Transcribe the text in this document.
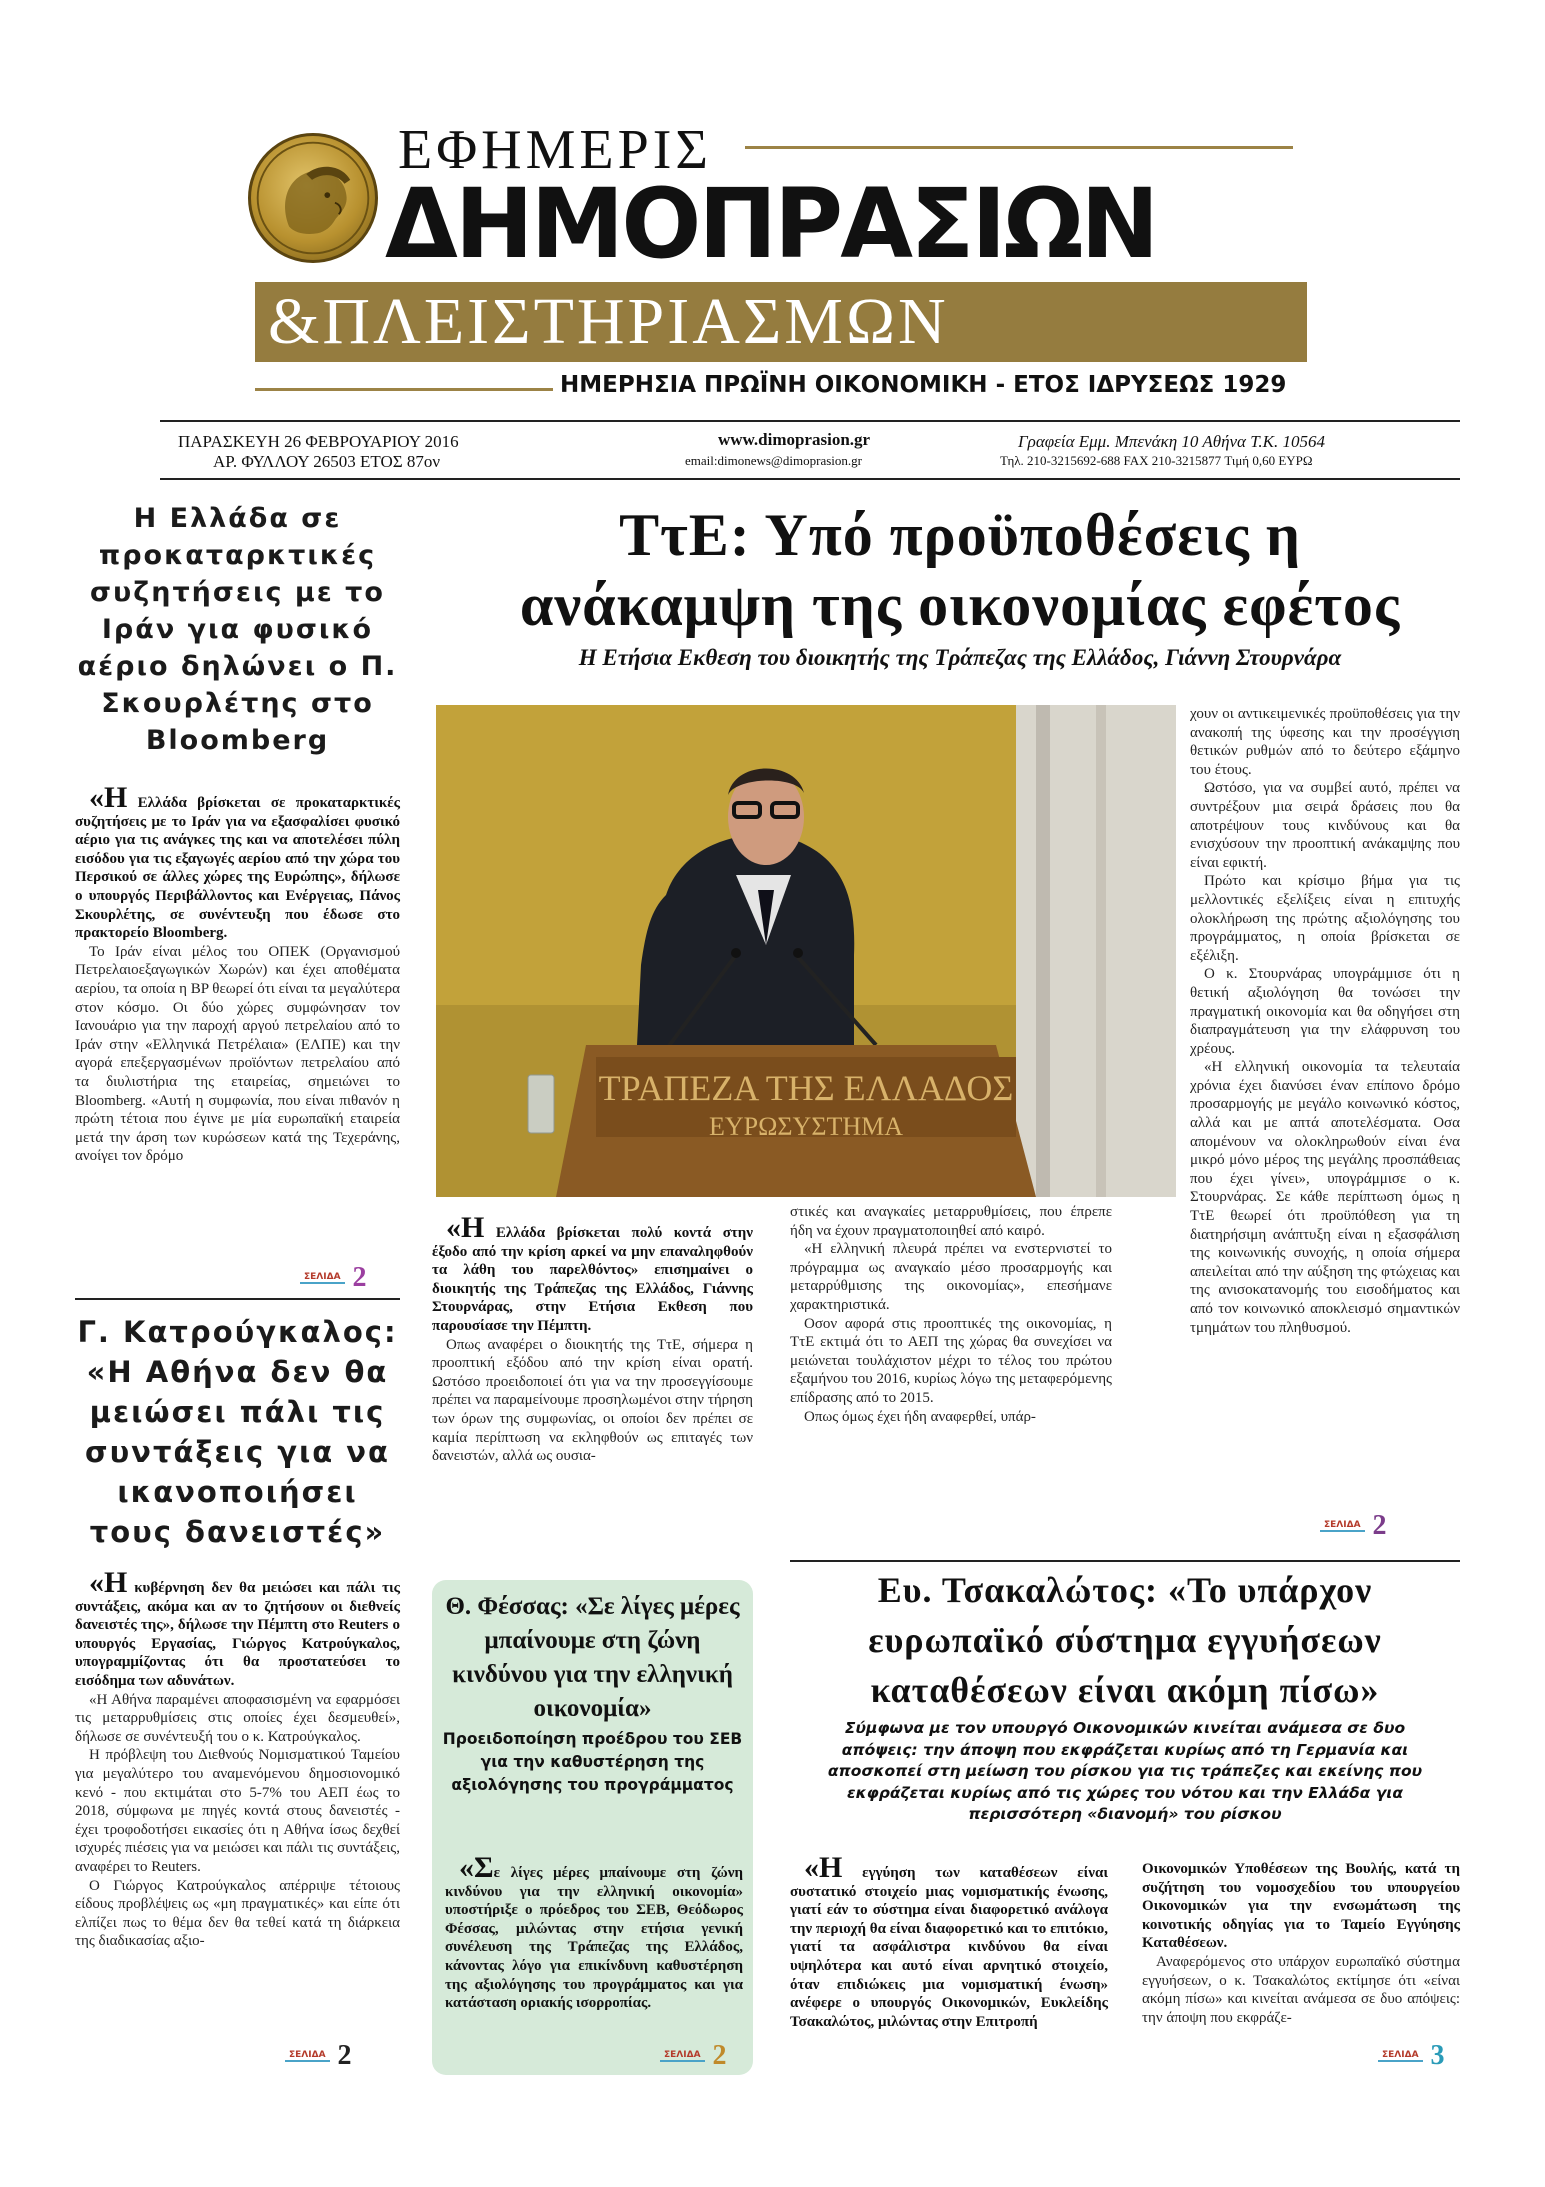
ΕΦΗΜΕΡΙΣ
ΔΗΜΟΠΡΑΣΙΩΝ
&ΠΛΕΙΣΤΗΡΙΑΣΜΩΝ
ΗΜΕΡΗΣΙΑ ΠΡΩΪΝΗ ΟΙΚΟΝΟΜΙΚΗ - ΕΤΟΣ ΙΔΡΥΣΕΩΣ 1929
ΠΑΡΑΣΚΕΥΗ 26 ΦΕΒΡΟΥΑΡΙΟΥ 2016
ΑΡ. ΦΥΛΛΟΥ 26503 ΕΤΟΣ 87ον
www.dimoprasion.gr
email:dimonews@dimoprasion.gr
Γραφεία Εμμ. Μπενάκη 10 Αθήνα Τ.Κ. 10564
Τηλ. 210-3215692-688 FAX 210-3215877 Τιμή 0,60 ΕΥΡΩ
ΤτΕ: Υπό προϋποθέσεις η
ανάκαμψη της οικονομίας εφέτος
Η Ετήσια Εκθεση του διοικητής της Τράπεζας της Ελλάδος, Γιάννη Στουρνάρα
ΤΡΑΠΕΖΑ ΤΗΣ ΕΛΛΑΔΟΣ
ΕΥΡΩΣΥΣΤΗΜΑ

«Η Ελλάδα βρίσκεται πολύ κοντά στην έξοδο από την κρίση αρκεί να μην επαναληφθούν τα λάθη του παρελθόντος» επισημαίνει ο διοικητής της Τράπεζας της Ελλάδος, Γιάννης Στουρνάρας, στην Ετήσια Εκθεση που παρουσίασε την Πέμπτη.

Οπως αναφέρει ο διοικητής της ΤτΕ, σήμερα η προοπτική εξόδου από την κρίση είναι ορατή. Ωστόσο προειδοποιεί ότι για να την προσεγγίσουμε πρέπει να παραμείνουμε προσηλωμένοι στην τήρηση των όρων της συμφωνίας, οι οποίοι δεν πρέπει σε καμία περίπτωση να εκληφθούν ως επιταγές των δανειστών, αλλά ως ουσια-

στικές και αναγκαίες μεταρρυθμίσεις, που έπρεπε ήδη να έχουν πραγματοποιηθεί από καιρό.

«Η ελληνική πλευρά πρέπει να ενστερνιστεί το πρόγραμμα ως αναγκαίο μέσο προσαρμογής και μεταρρύθμισης της οικονομίας», επεσήμανε χαρακτηριστικά.

Οσον αφορά στις προοπτικές της οικονομίας, η ΤτΕ εκτιμά ότι το ΑΕΠ της χώρας θα συνεχίσει να μειώνεται τουλάχιστον μέχρι το τέλος του πρώτου εξαμήνου του 2016, κυρίως λόγω της μεταφερόμενης επίδρασης από το 2015.

Οπως όμως έχει ήδη αναφερθεί, υπάρ-

χουν οι αντικειμενικές προϋποθέσεις για την ανακοπή της ύφεσης και την προσέγγιση θετικών ρυθμών από το δεύτερο εξάμηνο του έτους.

Ωστόσο, για να συμβεί αυτό, πρέπει να συντρέξουν μια σειρά δράσεις που θα αποτρέψουν τους κινδύνους και θα ενισχύσουν την προοπτική ανάκαμψης που είναι εφικτή.

Πρώτο και κρίσιμο βήμα για τις μελλοντικές εξελίξεις είναι η επιτυχής ολοκλήρωση της πρώτης αξιολόγησης του προγράμματος, η οποία βρίσκεται σε εξέλιξη.

Ο κ. Στουρνάρας υπογράμμισε ότι η θετική αξιολόγηση θα τονώσει την πραγματική οικονομία και θα οδηγήσει στη διαπραγμάτευση για την ελάφρυνση του χρέους.

«Η ελληνική οικονομία τα τελευταία χρόνια έχει διανύσει έναν επίπονο δρόμο προσαρμογής με μεγάλο κοινωνικό κόστος, αλλά και με απτά αποτελέσματα. Οσα απομένουν να ολοκληρωθούν είναι ένα μικρό μόνο μέρος της μεγάλης προσπάθειας που έχει γίνει», υπογράμμισε ο κ. Στουρνάρας. Σε κάθε περίπτωση όμως η ΤτΕ θεωρεί ότι προϋπόθεση για τη διατηρήσιμη ανάπτυξη είναι η εξασφάλιση της κοινωνικής συνοχής, η οποία σήμερα απειλείται από την αύξηση της φτώχειας και της ανισοκατανομής του εισοδήματος και από τον κοινωνικό αποκλεισμό σημαντικών τμημάτων του πληθυσμού.

ΣΕΛΙΔΑ 2
Η Ελλάδα σε προκαταρκτικές συζητήσεις με το Ιράν για φυσικό αέριο δηλώνει ο Π. Σκουρλέτης στο Bloomberg

«Η Ελλάδα βρίσκεται σε προκαταρκτικές συζητήσεις με το Ιράν για να εξασφαλίσει φυσικό αέριο για τις ανάγκες της και να αποτελέσει πύλη εισόδου για τις εξαγωγές αερίου από την χώρα του Περσικού σε άλλες χώρες της Ευρώπης», δήλωσε ο υπουργός Περιβάλλοντος και Ενέργειας, Πάνος Σκουρλέτης, σε συνέντευξη που έδωσε στο πρακτορείο Bloomberg.

Το Ιράν είναι μέλος του ΟΠΕΚ (Οργανισμού Πετρελαιοεξαγωγικών Χωρών) και έχει αποθέματα αερίου, τα οποία η BP θεωρεί ότι είναι τα μεγαλύτερα στον κόσμο. Οι δύο χώρες συμφώνησαν τον Ιανουάριο για την παροχή αργού πετρελαίου από το Ιράν στην «Ελληνικά Πετρέλαια» (ΕΛΠΕ) και την αγορά επεξεργασμένων προϊόντων πετρελαίου από τα διυλιστήρια της εταιρείας, σημειώνει το Bloomberg. «Αυτή η συμφωνία, που είναι πιθανόν η πρώτη τέτοια που έγινε με μία ευρωπαϊκή εταιρεία μετά την άρση των κυρώσεων κατά της Τεχεράνης, ανοίγει τον δρόμο

ΣΕΛΙΔΑ 2
Γ. Κατρούγκαλος: «Η Αθήνα δεν θα μειώσει πάλι τις συντάξεις για να ικανοποιήσει τους δανειστές»

«Η κυβέρνηση δεν θα μειώσει και πάλι τις συντάξεις, ακόμα και αν το ζητήσουν οι διεθνείς δανειστές της», δήλωσε την Πέμπτη στο Reuters ο υπουργός Εργασίας, Γιώργος Κατρούγκαλος, υπογραμμίζοντας ότι θα προστατεύσει το εισόδημα των αδυνάτων.

«Η Αθήνα παραμένει αποφασισμένη να εφαρμόσει τις μεταρρυθμίσεις στις οποίες έχει δεσμευθεί», δήλωσε σε συνέντευξή του ο κ. Κατρούγκαλος.

Η πρόβλεψη του Διεθνούς Νομισματικού Ταμείου για μεγαλύτερο του αναμενόμενου δημοσιονομικό κενό - που εκτιμάται στο 5-7% του ΑΕΠ έως το 2018, σύμφωνα με πηγές κοντά στους δανειστές - έχει τροφοδοτήσει εικασίες ότι η Αθήνα ίσως δεχθεί ισχυρές πιέσεις για να μειώσει και πάλι τις συντάξεις, αναφέρει το Reuters.

Ο Γιώργος Κατρούγκαλος απέρριψε τέτοιους είδους προβλέψεις ως «μη πραγματικές» και είπε ότι ελπίζει πως το θέμα δεν θα τεθεί κατά τη διάρκεια της διαδικασίας αξιο-

ΣΕΛΙΔΑ 2
Θ. Φέσσας: «Σε λίγες μέρες μπαίνουμε στη ζώνη κινδύνου για την ελληνική οικονομία»
Προειδοποίηση προέδρου του ΣΕΒ για την καθυστέρηση της αξιολόγησης του προγράμματος

«Σε λίγες μέρες μπαίνουμε στη ζώνη κινδύνου για την ελληνική οικονομία» υποστήριξε ο πρόεδρος του ΣΕΒ, Θεόδωρος Φέσσας, μιλώντας στην ετήσια γενική συνέλευση της Τράπεζας της Ελλάδος, κάνοντας λόγο για επικίνδυνη καθυστέρηση της αξιολόγησης του προγράμματος και για κατάσταση οριακής ισορροπίας.

ΣΕΛΙΔΑ 2
Ευ. Τσακαλώτος: «Το υπάρχον
ευρωπαϊκό σύστημα εγγυήσεων
καταθέσεων είναι ακόμη πίσω»
Σύμφωνα με τον υπουργό Οικονομικών κινείται ανάμεσα σε δυο απόψεις: την άποψη που εκφράζεται κυρίως από τη Γερμανία και αποσκοπεί στη μείωση του ρίσκου για τις τράπεζες και εκείνης που εκφράζεται κυρίως από τις χώρες του νότου και την Ελλάδα για περισσότερη «διανομή» του ρίσκου

«Η εγγύηση των καταθέσεων είναι συστατικό στοιχείο μιας νομισματικής ένωσης, γιατί εάν το σύστημα είναι διαφορετικό ανάλογα την περιοχή θα είναι διαφορετικό και το επιτόκιο, γιατί τα ασφάλιστρα κινδύνου θα είναι υψηλότερα και αυτό είναι αρνητικό στοιχείο, όταν επιδιώκεις μια νομισματική ένωση» ανέφερε ο υπουργός Οικονομικών, Ευκλείδης Τσακαλώτος, μιλώντας στην Επιτροπή

Οικονομικών Υποθέσεων της Βουλής, κατά τη συζήτηση του νομοσχεδίου του υπουργείου Οικονομικών για την ενσωμάτωση της κοινοτικής οδηγίας για το Ταμείο Εγγύησης Καταθέσεων.

Αναφερόμενος στο υπάρχον ευρωπαϊκό σύστημα εγγυήσεων, ο κ. Τσακαλώτος εκτίμησε ότι «είναι ακόμη πίσω» και κινείται ανάμεσα σε δυο απόψεις: την άποψη που εκφράζε-

ΣΕΛΙΔΑ 3
